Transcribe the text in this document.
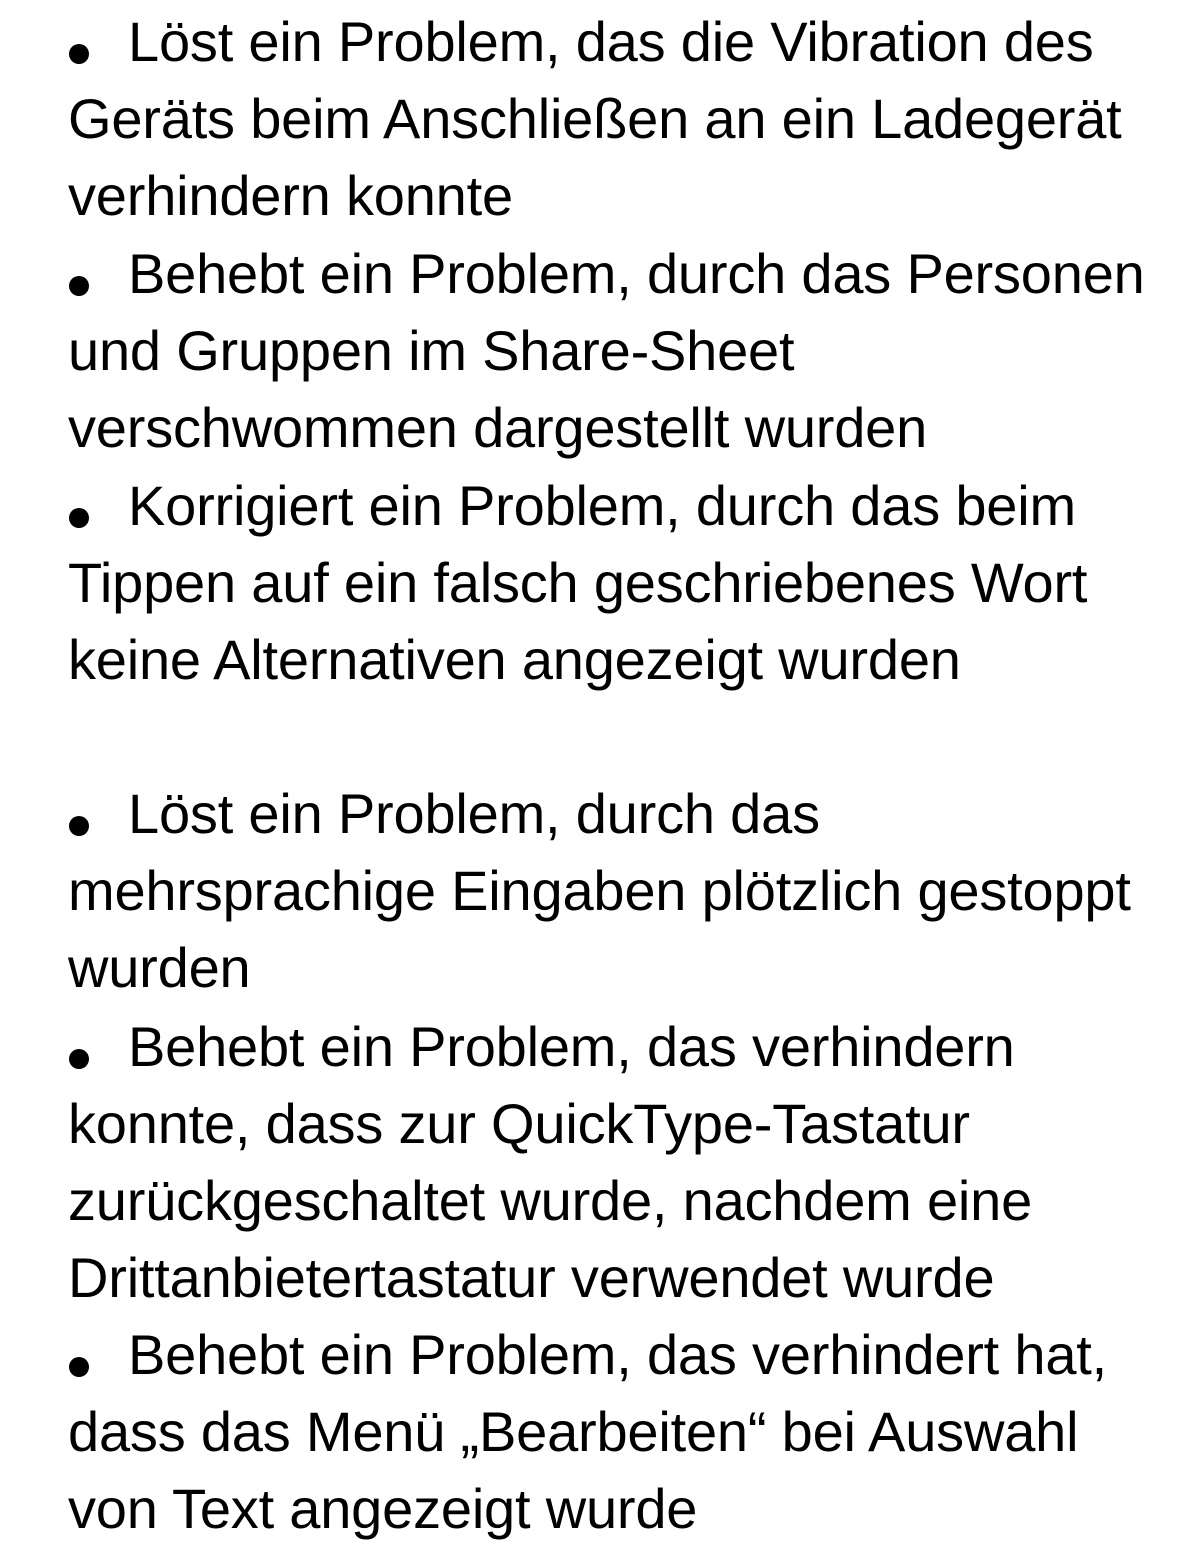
Löst ein Problem, das die Vibration des Geräts beim Anschließen an ein Ladegerät verhindern konnte
Behebt ein Problem, durch das Personen und Gruppen im Share-Sheet verschwommen dargestellt wurden
Korrigiert ein Problem, durch das beim Tippen auf ein falsch geschriebenes Wort keine Alternativen angezeigt wurden
Löst ein Problem, durch das mehrsprachige Eingaben plötzlich gestoppt wurden
Behebt ein Problem, das verhindern konnte, dass zur QuickType-Tastatur zurückgeschaltet wurde, nachdem eine Drittanbietertastatur verwendet wurde
Behebt ein Problem, das verhindert hat, dass das Menü „Bearbeiten“ bei Auswahl von Text angezeigt wurde
